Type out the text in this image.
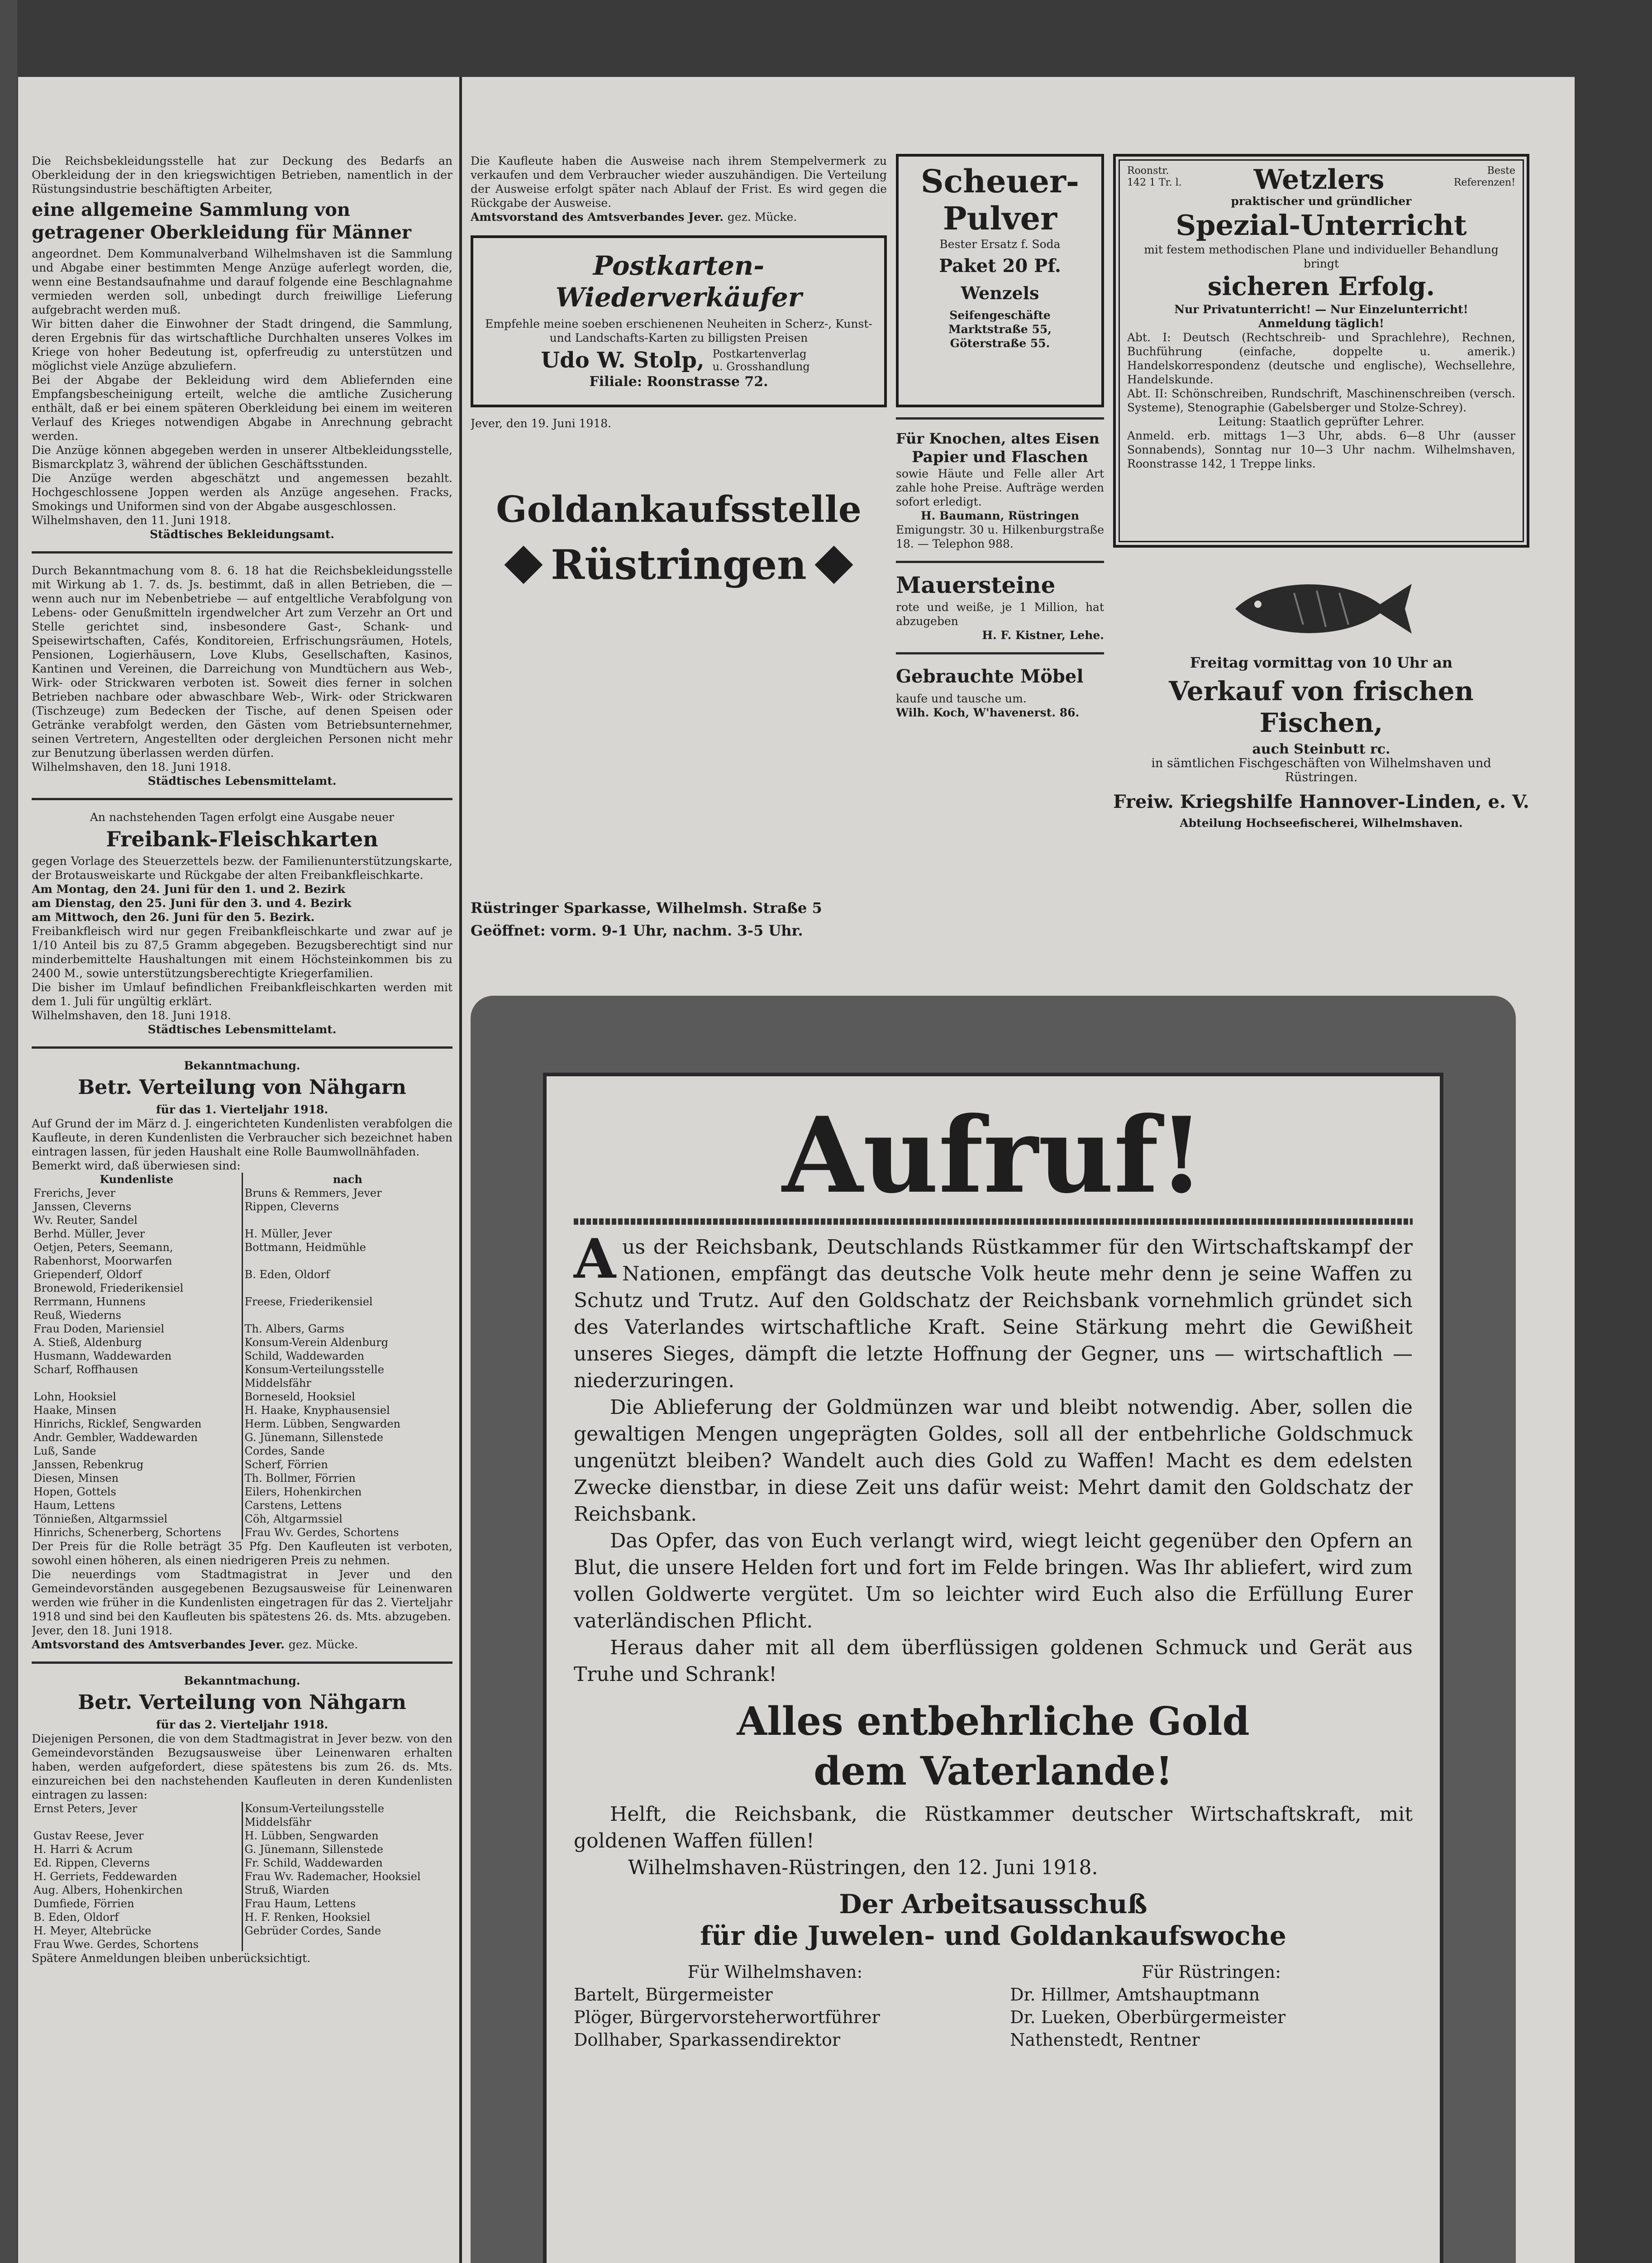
Die Reichsbekleidungsstelle hat zur Deckung des Bedarfs an Oberkleidung der in den kriegswichtigen Betrieben, namentlich in der Rüstungsindustrie beschäftigten Arbeiter,

eine allgemeine Sammlung von getragener Oberkleidung für Männer

angeordnet. Dem Kommunalverband Wilhelmshaven ist die Sammlung und Abgabe einer bestimmten Menge Anzüge auferlegt worden, die, wenn eine Bestandsaufnahme und darauf folgende eine Beschlagnahme vermieden werden soll, unbedingt durch freiwillige Lieferung aufgebracht werden muß.

Wir bitten daher die Einwohner der Stadt dringend, die Sammlung, deren Ergebnis für das wirtschaftliche Durchhalten unseres Volkes im Kriege von hoher Bedeutung ist, opferfreudig zu unterstützen und möglichst viele Anzüge abzuliefern.

Bei der Abgabe der Bekleidung wird dem Abliefernden eine Empfangsbescheinigung erteilt, welche die amtliche Zusicherung enthält, daß er bei einem späteren Oberkleidung bei einem im weiteren Verlauf des Krieges notwendigen Abgabe in Anrechnung gebracht werden.

Die Anzüge können abgegeben werden in unserer Altbekleidungsstelle, Bismarckplatz 3, während der üblichen Geschäftsstunden.

Die Anzüge werden abgeschätzt und angemessen bezahlt. Hochgeschlossene Joppen werden als Anzüge angesehen. Fracks, Smokings und Uniformen sind von der Abgabe ausgeschlossen.

Wilhelmshaven, den 11. Juni 1918.

Städtisches Bekleidungsamt.

Durch Bekanntmachung vom 8. 6. 18 hat die Reichsbekleidungsstelle mit Wirkung ab 1. 7. ds. Js. bestimmt, daß in allen Betrieben, die — wenn auch nur im Nebenbetriebe — auf entgeltliche Verabfolgung von Lebens- oder Genußmitteln irgendwelcher Art zum Verzehr an Ort und Stelle gerichtet sind, insbesondere Gast-, Schank- und Speisewirtschaften, Cafés, Konditoreien, Erfrischungsräumen, Hotels, Pensionen, Logierhäusern, Love Klubs, Gesellschaften, Kasinos, Kantinen und Vereinen, die Darreichung von Mundtüchern aus Web-, Wirk- oder Strickwaren verboten ist. Soweit dies ferner in solchen Betrieben nachbare oder abwaschbare Web-, Wirk- oder Strickwaren (Tischzeuge) zum Bedecken der Tische, auf denen Speisen oder Getränke verabfolgt werden, den Gästen vom Betriebsunternehmer, seinen Vertretern, Angestellten oder dergleichen Personen nicht mehr zur Benutzung überlassen werden dürfen.

Wilhelmshaven, den 18. Juni 1918.

Städtisches Lebensmittelamt.

An nachstehenden Tagen erfolgt eine Ausgabe neuer

Freibank-Fleischkarten

gegen Vorlage des Steuerzettels bezw. der Familienunterstützungskarte, der Brotausweiskarte und Rückgabe der alten Freibankfleischkarte.

Am Montag, den 24. Juni für den 1. und 2. Bezirk

am Dienstag, den 25. Juni für den 3. und 4. Bezirk

am Mittwoch, den 26. Juni für den 5. Bezirk.

Freibankfleisch wird nur gegen Freibankfleischkarte und zwar auf je 1/10 Anteil bis zu 87,5 Gramm abgegeben. Bezugsberechtigt sind nur minderbemittelte Haushaltungen mit einem Höchsteinkommen bis zu 2400 M., sowie unterstützungsberechtigte Kriegerfamilien.

Die bisher im Umlauf befindlichen Freibankfleischkarten werden mit dem 1. Juli für ungültig erklärt.

Wilhelmshaven, den 18. Juni 1918.

Städtisches Lebensmittelamt.

Bekanntmachung.

Betr. Verteilung von Nähgarn

für das 1. Vierteljahr 1918.

Auf Grund der im März d. J. eingerichteten Kundenlisten verabfolgen die Kaufleute, in deren Kundenlisten die Verbraucher sich bezeichnet haben eintragen lassen, für jeden Haushalt eine Rolle Baumwollnähfaden.

Bemerkt wird, daß überwiesen sind:

Kundenliste	nach
Frerichs, Jever	Bruns & Remmers, Jever
Janssen, Cleverns	Rippen, Cleverns
Wv. Reuter, Sandel	
Berhd. Müller, Jever	H. Müller, Jever
Oetjen, Peters, Seemann, Rabenhorst, Moorwarfen	Bottmann, Heidmühle
Griependerf, Oldorf	B. Eden, Oldorf
Bronewold, Friederikensiel	
Rerrmann, Hunnens	Freese, Friederikensiel
Reuß, Wiederns	
Frau Doden, Mariensiel	Th. Albers, Garms
A. Stieß, Aldenburg	Konsum-Verein Aldenburg
Husmann, Waddewarden	Schild, Waddewarden
Scharf, Roffhausen	Konsum-Verteilungsstelle Middelsfähr
Lohn, Hooksiel	Borneseld, Hooksiel
Haake, Minsen	H. Haake, Knyphausensiel
Hinrichs, Ricklef, Sengwarden	Herm. Lübben, Sengwarden
Andr. Gembler, Waddewarden	G. Jünemann, Sillenstede
Luß, Sande	Cordes, Sande
Janssen, Rebenkrug	Scherf, Förrien
Diesen, Minsen	Th. Bollmer, Förrien
Hopen, Gottels	Eilers, Hohenkirchen
Haum, Lettens	Carstens, Lettens
Tönnießen, Altgarmssiel	Cöh, Altgarmssiel
Hinrichs, Schenerberg, Schortens	Frau Wv. Gerdes, Schortens

Der Preis für die Rolle beträgt 35 Pfg. Den Kaufleuten ist verboten, sowohl einen höheren, als einen niedrigeren Preis zu nehmen.

Die neuerdings vom Stadtmagistrat in Jever und den Gemeindevorständen ausgegebenen Bezugsausweise für Leinenwaren werden wie früher in die Kundenlisten eingetragen für das 2. Vierteljahr 1918 und sind bei den Kaufleuten bis spätestens 26. ds. Mts. abzugeben.

Jever, den 18. Juni 1918.

Amtsvorstand des Amtsverbandes Jever. gez. Mücke.

Bekanntmachung.

Betr. Verteilung von Nähgarn

für das 2. Vierteljahr 1918.

Diejenigen Personen, die von dem Stadtmagistrat in Jever bezw. von den Gemeindevorständen Bezugsausweise über Leinenwaren erhalten haben, werden aufgefordert, diese spätestens bis zum 26. ds. Mts. einzureichen bei den nachstehenden Kaufleuten in deren Kundenlisten eintragen zu lassen:

Ernst Peters, Jever	Konsum-Verteilungsstelle Middelsfähr
Gustav Reese, Jever	H. Lübben, Sengwarden
H. Harri & Acrum	G. Jünemann, Sillenstede
Ed. Rippen, Cleverns	Fr. Schild, Waddewarden
H. Gerriets, Feddewarden	Frau Wv. Rademacher, Hooksiel
Aug. Albers, Hohenkirchen	Struß, Wiarden
Dumfiede, Förrien	Frau Haum, Lettens
B. Eden, Oldorf	H. F. Renken, Hooksiel
H. Meyer, Altebrücke	Gebrüder Cordes, Sande
Frau Wwe. Gerdes, Schortens	

Spätere Anmeldungen bleiben unberücksichtigt.

Die Kaufleute haben die Ausweise nach ihrem Stempelvermerk zu verkaufen und dem Verbraucher wieder auszuhändigen. Die Verteilung der Ausweise erfolgt später nach Ablauf der Frist. Es wird gegen die Rückgabe der Ausweise.

Amtsvorstand des Amtsverbandes Jever. gez. Mücke.

Postkarten-Wiederverkäufer

Empfehle meine soeben erschienenen Neuheiten in Scherz-, Kunst- und Landschafts-Karten zu billigsten Preisen

Udo W. Stolp, Postkartenverlag u. Grosshandlung

Filiale: Roonstrasse 72.

Jever, den 19. Juni 1918.

Goldankaufsstelle

Rüstringen

Rüstringer Sparkasse, Wilhelmsh. Straße 5

Geöffnet: vorm. 9-1 Uhr, nachm. 3-5 Uhr.

Scheuer-

Pulver

Bester Ersatz f. Soda

Paket 20 Pf.

Wenzels

Seifengeschäfte

Marktstraße 55,

Göterstraße 55.

Für Knochen, altes Eisen

Papier und Flaschen

sowie Häute und Felle aller Art zahle hohe Preise. Aufträge werden sofort erledigt.

H. Baumann, Rüstringen

Emigungstr. 30 u. Hilkenburgstraße 18. — Telephon 988.

Mauersteine

rote und weiße, je 1 Million, hat abzugeben

H. F. Kistner, Lehe.

Gebrauchte Möbel

kaufe und tausche um.

Wilh. Koch, W'havenerst. 86.

Roonstr. 142 1 Tr. l.	Wetzlers	Beste Referenzen!

praktischer und gründlicher

Spezial-Unterricht

mit festem methodischen Plane und individueller Behandlung bringt

sicheren Erfolg.

Nur Privatunterricht! — Nur Einzelunterricht!

Anmeldung täglich!

Abt. I: Deutsch (Rechtschreib- und Sprachlehre), Rechnen, Buchführung (einfache, doppelte u. amerik.) Handelskorrespondenz (deutsche und englische), Wechsellehre, Handelskunde.

Abt. II: Schönschreiben, Rundschrift, Maschinenschreiben (versch. Systeme), Stenographie (Gabelsberger und Stolze-Schrey).

Leitung: Staatlich geprüfter Lehrer.

Anmeld. erb. mittags 1—3 Uhr, abds. 6—8 Uhr (ausser Sonnabends), Sonntag nur 10—3 Uhr nachm. Wilhelmshaven, Roonstrasse 142, 1 Treppe links.

Freitag vormittag von 10 Uhr an

Verkauf von frischen Fischen,

auch Steinbutt rc.

in sämtlichen Fischgeschäften von Wilhelmshaven und Rüstringen.

Freiw. Kriegshilfe Hannover-Linden, e. V.

Abteilung Hochseefischerei, Wilhelmshaven.

Aufruf!

Aus der Reichsbank, Deutschlands Rüstkammer für den Wirtschaftskampf der Nationen, empfängt das deutsche Volk heute mehr denn je seine Waffen zu Schutz und Trutz. Auf den Goldschatz der Reichsbank vornehmlich gründet sich des Vaterlandes wirtschaftliche Kraft. Seine Stärkung mehrt die Gewißheit unseres Sieges, dämpft die letzte Hoffnung der Gegner, uns — wirtschaftlich — niederzuringen.

Die Ablieferung der Goldmünzen war und bleibt notwendig. Aber, sollen die gewaltigen Mengen ungeprägten Goldes, soll all der entbehrliche Goldschmuck ungenützt bleiben? Wandelt auch dies Gold zu Waffen! Macht es dem edelsten Zwecke dienstbar, in diese Zeit uns dafür weist: Mehrt damit den Goldschatz der Reichsbank.

Das Opfer, das von Euch verlangt wird, wiegt leicht gegenüber den Opfern an Blut, die unsere Helden fort und fort im Felde bringen. Was Ihr abliefert, wird zum vollen Goldwerte vergütet. Um so leichter wird Euch also die Erfüllung Eurer vaterländischen Pflicht.

Heraus daher mit all dem überflüssigen goldenen Schmuck und Gerät aus Truhe und Schrank!

Alles entbehrliche Gold

dem Vaterlande!

Helft, die Reichsbank, die Rüstkammer deutscher Wirtschaftskraft, mit goldenen Waffen füllen!

Wilhelmshaven-Rüstringen, den 12. Juni 1918.

Der Arbeitsausschuß

für die Juwelen- und Goldankaufswoche

Für Wilhelmshaven:
Bartelt, Bürgermeister
Plöger, Bürgervorsteherwortführer
Dollhaber, Sparkassendirektor
Für Rüstringen:
Dr. Hillmer, Amtshauptmann
Dr. Lueken, Oberbürgermeister
Nathenstedt, Rentner
